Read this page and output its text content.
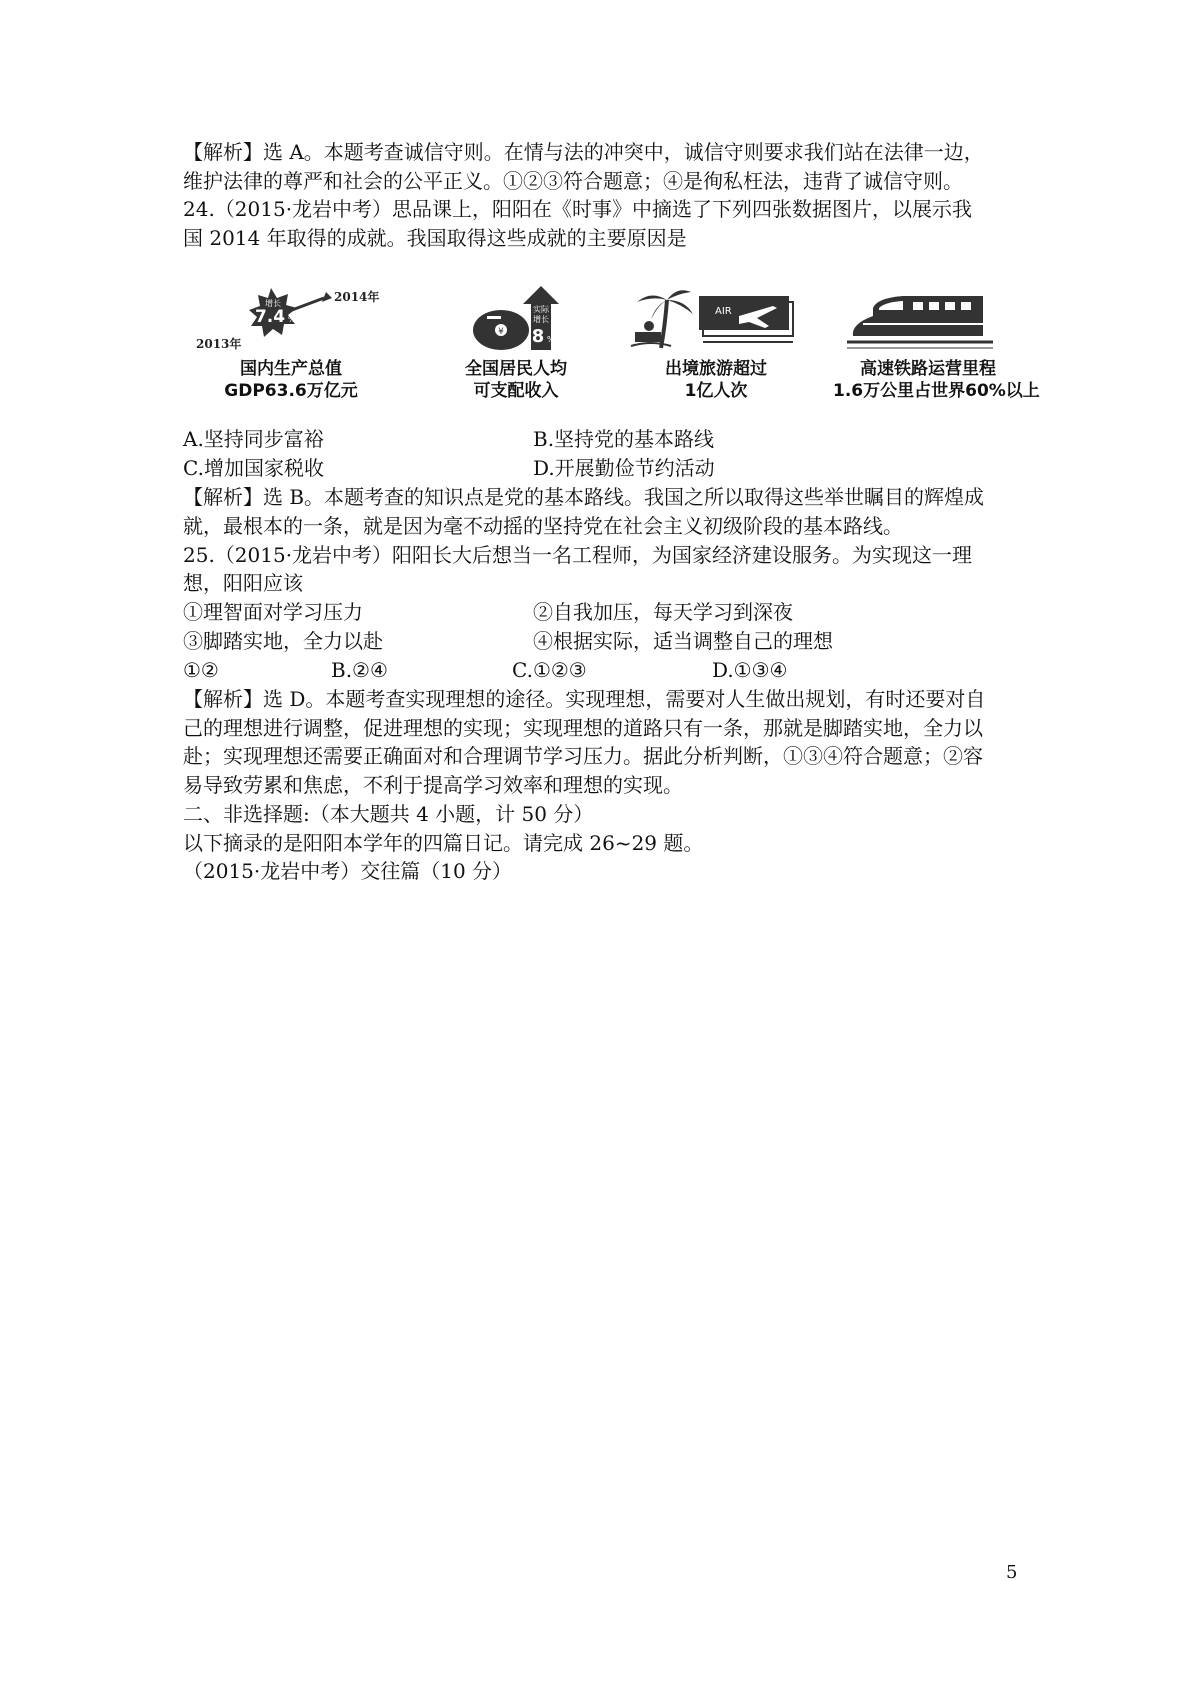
【解析】选 A。本题考查诚信守则。在情与法的冲突中，诚信守则要求我们站在法律一边，
维护法律的尊严和社会的公平正义。①②③符合题意；④是徇私枉法，违背了诚信守则。
24.（2015·龙岩中考）思品课上，阳阳在《时事》中摘选了下列四张数据图片，以展示我
国 2014 年取得的成就。我国取得这些成就的主要原因是
增长
7.4 %
2014年
2013年
国内生产总值
GDP63.6万亿元
¥
实际
增长
8 %
全国居民人均
可支配收入
AIR
出境旅游超过
1亿人次
高速铁路运营里程
1.6万公里占世界60%以上
A.坚持同步富裕	B.坚持党的基本路线
C.增加国家税收	D.开展勤俭节约活动
【解析】选 B。本题考查的知识点是党的基本路线。我国之所以取得这些举世瞩目的辉煌成
就，最根本的一条，就是因为毫不动摇的坚持党在社会主义初级阶段的基本路线。
25.（2015·龙岩中考）阳阳长大后想当一名工程师，为国家经济建设服务。为实现这一理
想，阳阳应该
①理智面对学习压力	②自我加压，每天学习到深夜
③脚踏实地，全力以赴	④根据实际，适当调整自己的理想
①②	B.②④	C.①②③	D.①③④
【解析】选 D。本题考查实现理想的途径。实现理想，需要对人生做出规划，有时还要对自
己的理想进行调整，促进理想的实现；实现理想的道路只有一条，那就是脚踏实地，全力以
赴；实现理想还需要正确面对和合理调节学习压力。据此分析判断，①③④符合题意；②容
易导致劳累和焦虑，不利于提高学习效率和理想的实现。
二、非选择题:（本大题共 4 小题，计 50 分）
以下摘录的是阳阳本学年的四篇日记。请完成 26~29 题。
（2015·龙岩中考）交往篇（10 分）
5
